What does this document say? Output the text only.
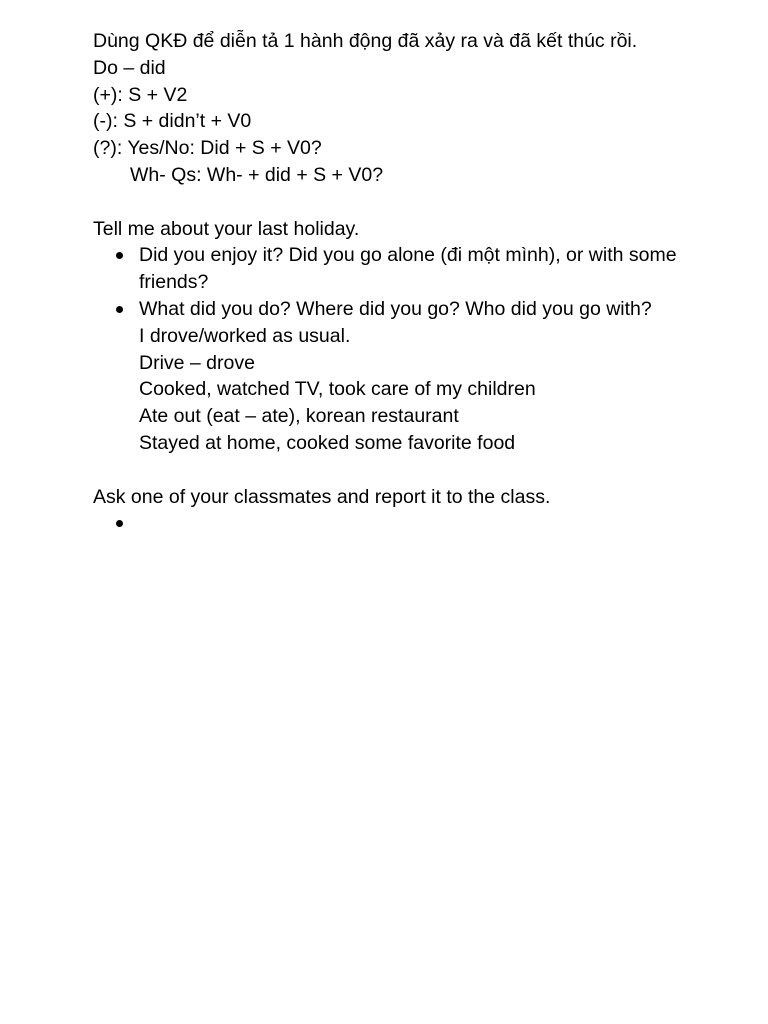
Dùng QKĐ để diễn tả 1 hành động đã xảy ra và đã kết thúc rồi.
Do – did
(+): S + V2
(-): S + didn’t + V0
(?): Yes/No: Did + S + V0?
Wh- Qs: Wh- + did + S + V0?
Tell me about your last holiday.
Did you enjoy it? Did you go alone (đi một mình), or with some friends?
What did you do? Where did you go? Who did you go with?
I drove/worked as usual.
Drive – drove
Cooked, watched TV, took care of my children
Ate out (eat – ate), korean restaurant
Stayed at home, cooked some favorite food
Ask one of your classmates and report it to the class.
